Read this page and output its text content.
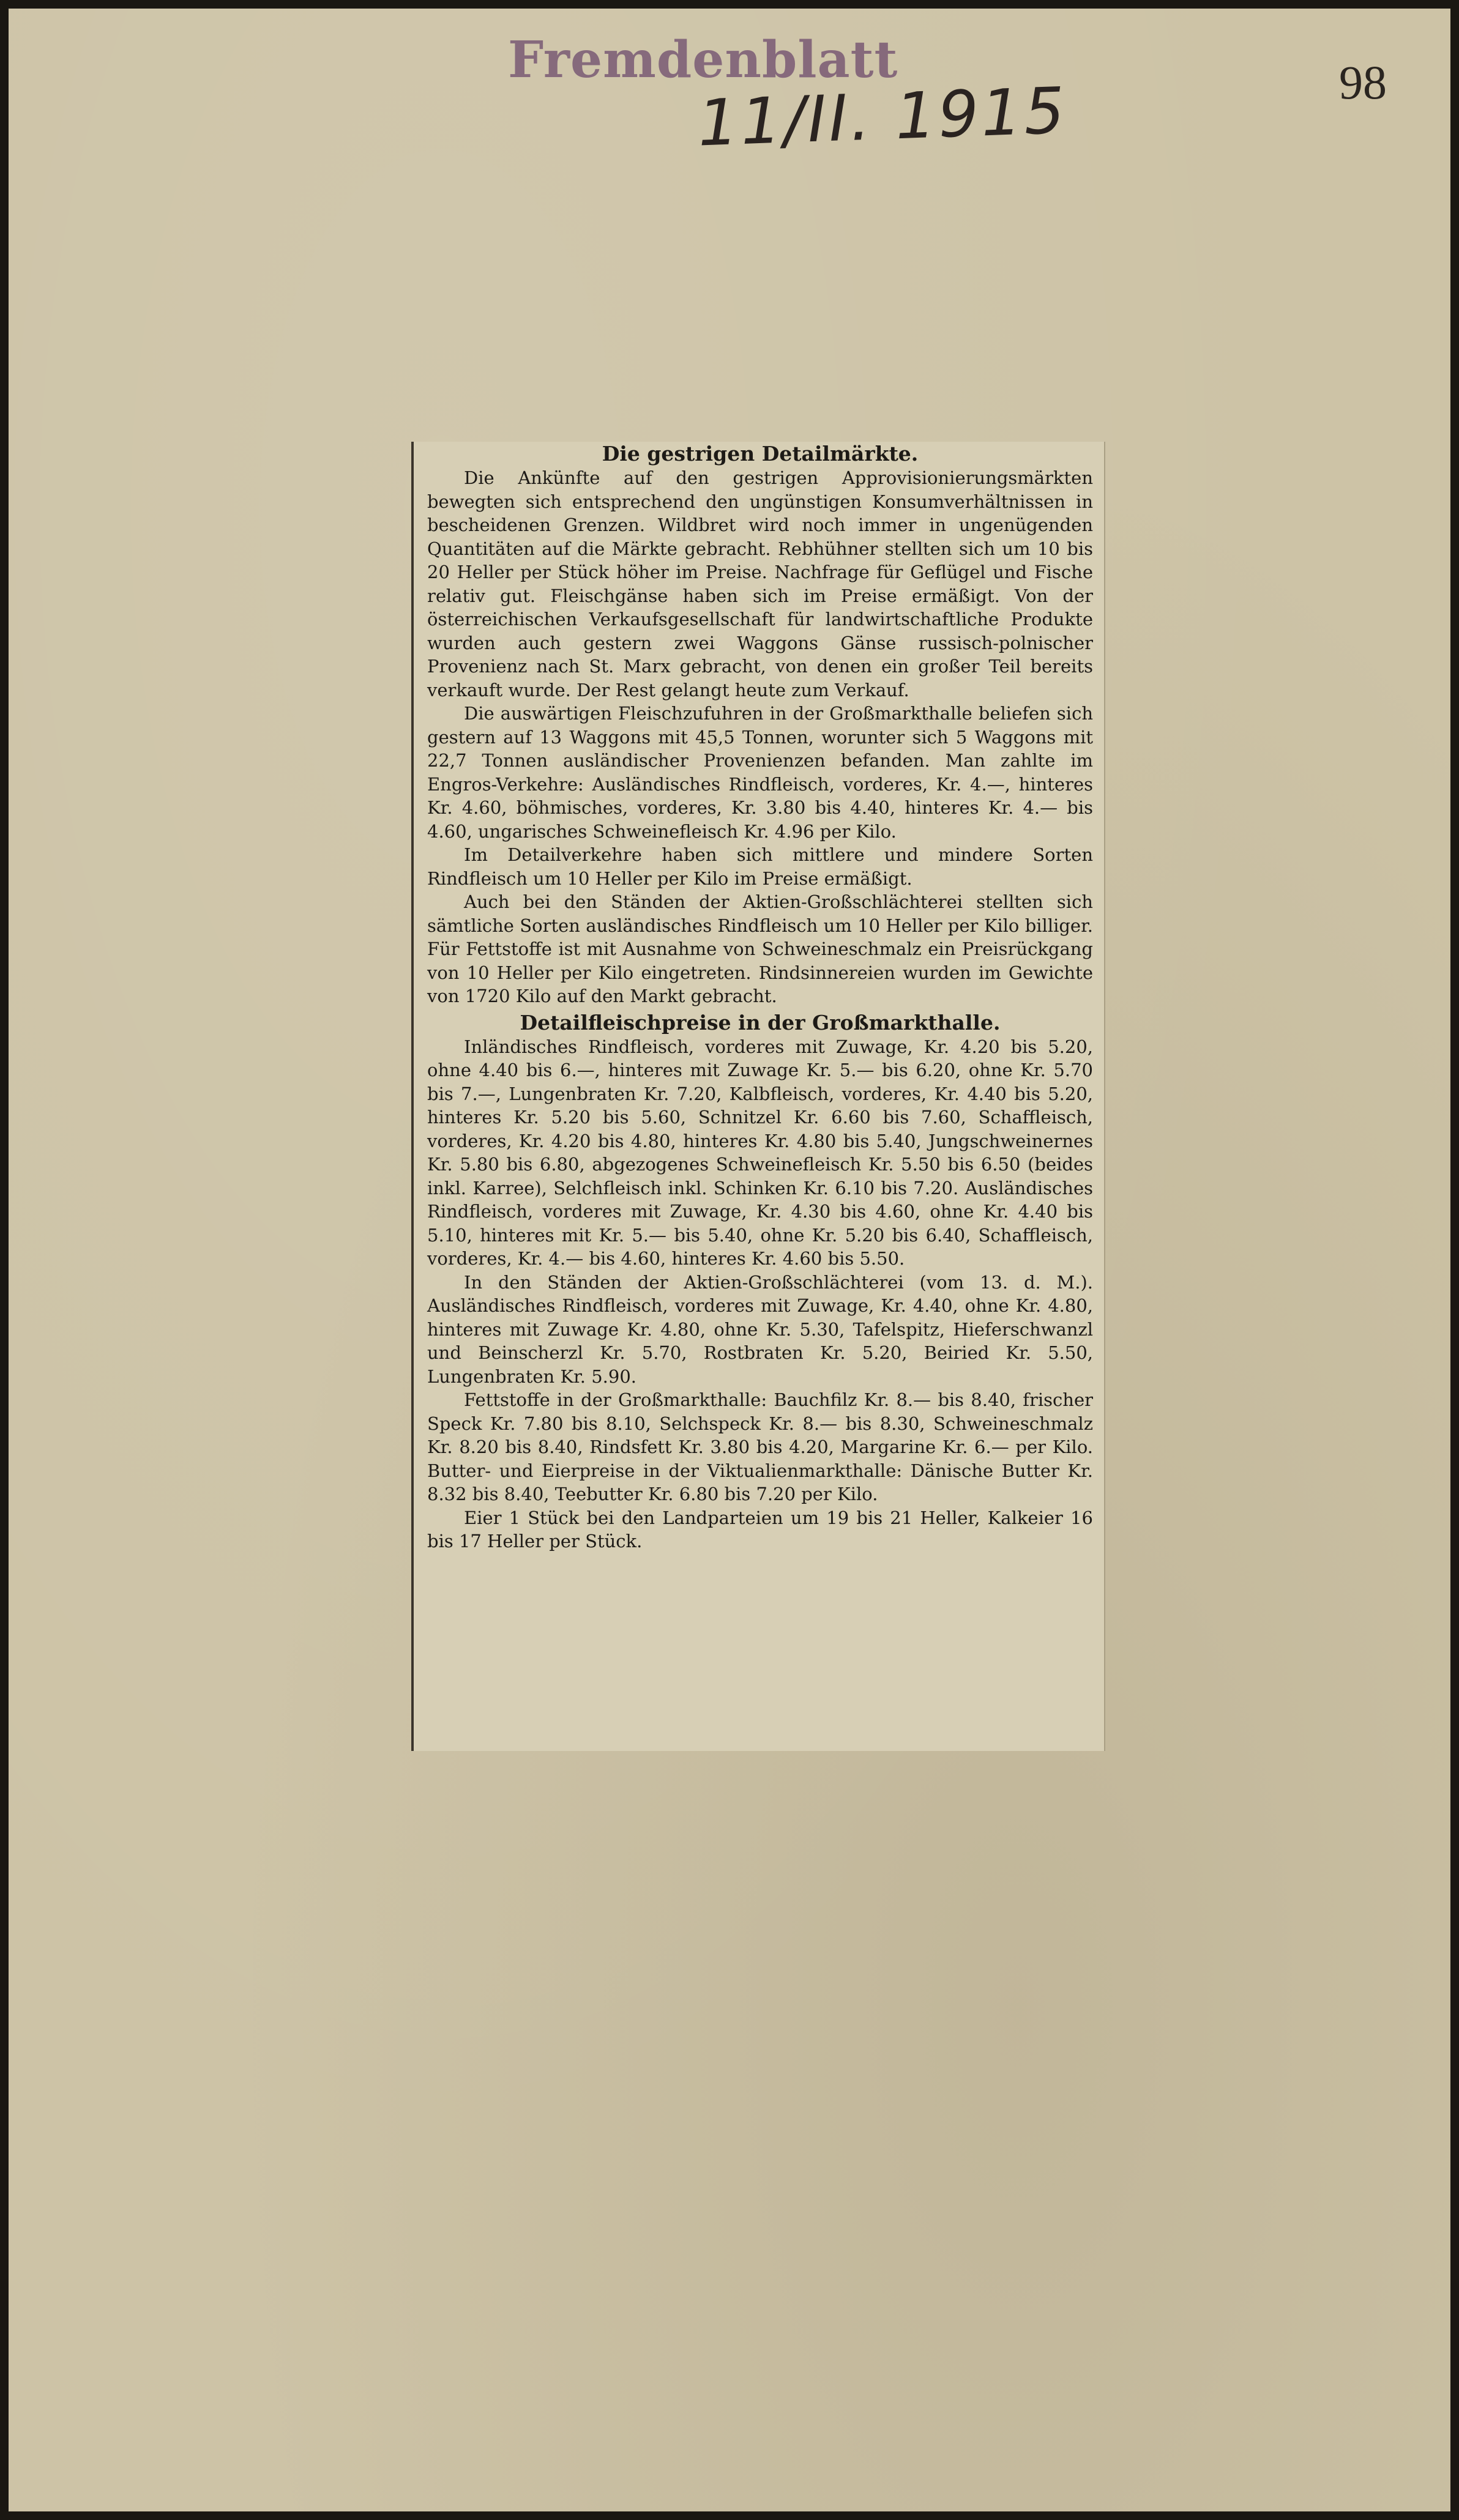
Fremdenblatt
11/II. 1915	98
Die gestrigen Detailmärkte.

Die Ankünfte auf den gestrigen Approvisionierungsmärkten bewegten sich entsprechend den ungünstigen Konsumverhältnissen in bescheidenen Grenzen. Wildbret wird noch immer in ungenügenden Quantitäten auf die Märkte gebracht. Rebhühner stellten sich um 10 bis 20 Heller per Stück höher im Preise. Nachfrage für Geflügel und Fische relativ gut. Fleischgänse haben sich im Preise ermäßigt. Von der österreichischen Verkaufsgesellschaft für landwirtschaftliche Produkte wurden auch gestern zwei Waggons Gänse russisch-polnischer Provenienz nach St. Marx gebracht, von denen ein großer Teil bereits verkauft wurde. Der Rest gelangt heute zum Verkauf.

Die auswärtigen Fleischzufuhren in der Großmarkthalle beliefen sich gestern auf 13 Waggons mit 45,5 Tonnen, worunter sich 5 Waggons mit 22,7 Tonnen ausländischer Provenienzen befanden. Man zahlte im Engros-Verkehre: Ausländisches Rindfleisch, vorderes, Kr. 4.—, hinteres Kr. 4.60, böhmisches, vorderes, Kr. 3.80 bis 4.40, hinteres Kr. 4.— bis 4.60, ungarisches Schweinefleisch Kr. 4.96 per Kilo.

Im Detailverkehre haben sich mittlere und mindere Sorten Rindfleisch um 10 Heller per Kilo im Preise ermäßigt.

Auch bei den Ständen der Aktien-Großschlächterei stellten sich sämtliche Sorten ausländisches Rindfleisch um 10 Heller per Kilo billiger. Für Fettstoffe ist mit Ausnahme von Schweineschmalz ein Preisrückgang von 10 Heller per Kilo eingetreten. Rindsinnereien wurden im Gewichte von 1720 Kilo auf den Markt gebracht.

Detailfleischpreise in der Großmarkthalle.

Inländisches Rindfleisch, vorderes mit Zuwage, Kr. 4.20 bis 5.20, ohne 4.40 bis 6.—, hinteres mit Zuwage Kr. 5.— bis 6.20, ohne Kr. 5.70 bis 7.—, Lungenbraten Kr. 7.20, Kalbfleisch, vorderes, Kr. 4.40 bis 5.20, hinteres Kr. 5.20 bis 5.60, Schnitzel Kr. 6.60 bis 7.60, Schaffleisch, vorderes, Kr. 4.20 bis 4.80, hinteres Kr. 4.80 bis 5.40, Jungschweinernes Kr. 5.80 bis 6.80, abgezogenes Schweinefleisch Kr. 5.50 bis 6.50 (beides inkl. Karree), Selchfleisch inkl. Schinken Kr. 6.10 bis 7.20. Ausländisches Rindfleisch, vorderes mit Zuwage, Kr. 4.30 bis 4.60, ohne Kr. 4.40 bis 5.10, hinteres mit Kr. 5.— bis 5.40, ohne Kr. 5.20 bis 6.40, Schaffleisch, vorderes, Kr. 4.— bis 4.60, hinteres Kr. 4.60 bis 5.50.

In den Ständen der Aktien-Großschlächterei (vom 13. d. M.). Ausländisches Rindfleisch, vorderes mit Zuwage, Kr. 4.40, ohne Kr. 4.80, hinteres mit Zuwage Kr. 4.80, ohne Kr. 5.30, Tafelspitz, Hieferschwanzl und Beinscherzl Kr. 5.70, Rostbraten Kr. 5.20, Beiried Kr. 5.50, Lungenbraten Kr. 5.90.

Fettstoffe in der Großmarkthalle: Bauchfilz Kr. 8.— bis 8.40, frischer Speck Kr. 7.80 bis 8.10, Selchspeck Kr. 8.— bis 8.30, Schweineschmalz Kr. 8.20 bis 8.40, Rindsfett Kr. 3.80 bis 4.20, Margarine Kr. 6.— per Kilo. Butter- und Eierpreise in der Viktualienmarkthalle: Dänische Butter Kr. 8.32 bis 8.40, Teebutter Kr. 6.80 bis 7.20 per Kilo.

Eier 1 Stück bei den Landparteien um 19 bis 21 Heller, Kalkeier 16 bis 17 Heller per Stück.
